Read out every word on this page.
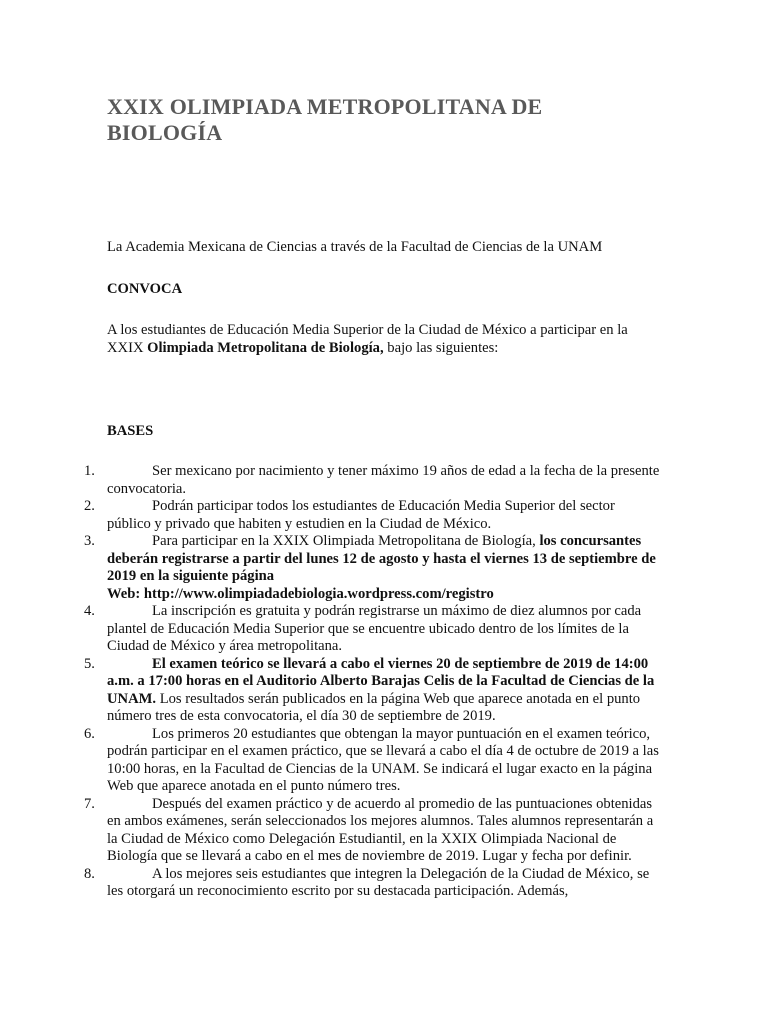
XXIX OLIMPIADA METROPOLITANA DE BIOLOGÍA

La Academia Mexicana de Ciencias a través de la Facultad de Ciencias de la UNAM

CONVOCA

A los estudiantes de Educación Media Superior de la Ciudad de México a participar en la XXIX Olimpiada Metropolitana de Biología, bajo las siguientes:

BASES

1.	Ser mexicano por nacimiento y tener máximo 19 años de edad a la fecha de la presente convocatoria.
2.	Podrán participar todos los estudiantes de Educación Media Superior del sector público y privado que habiten y estudien en la Ciudad de México.
3.	Para participar en la XXIX Olimpiada Metropolitana de Biología, los concursantes deberán registrarse a partir del lunes 12 de agosto y hasta el viernes 13 de septiembre de 2019 en la siguiente página
Web: http://www.olimpiadadebiologia.wordpress.com/registro
4.	La inscripción es gratuita y podrán registrarse un máximo de diez alumnos por cada plantel de Educación Media Superior que se encuentre ubicado dentro de los límites de la Ciudad de México y área metropolitana.
5.	El examen teórico se llevará a cabo el viernes 20 de septiembre de 2019 de 14:00 a.m. a 17:00 horas en el Auditorio Alberto Barajas Celis de la Facultad de Ciencias de la UNAM. Los resultados serán publicados en la página Web que aparece anotada en el punto número tres de esta convocatoria, el día 30 de septiembre de 2019.
6.	Los primeros 20 estudiantes que obtengan la mayor puntuación en el examen teórico, podrán participar en el examen práctico, que se llevará a cabo el día 4 de octubre de 2019 a las 10:00 horas, en la Facultad de Ciencias de la UNAM. Se indicará el lugar exacto en la página Web que aparece anotada en el punto número tres.
7.	Después del examen práctico y de acuerdo al promedio de las puntuaciones obtenidas en ambos exámenes, serán seleccionados los mejores alumnos. Tales alumnos representarán a la Ciudad de México como Delegación Estudiantil, en la XXIX Olimpiada Nacional de Biología que se llevará a cabo en el mes de noviembre de 2019. Lugar y fecha por definir.
8.	A los mejores seis estudiantes que integren la Delegación de la Ciudad de México, se les otorgará un reconocimiento escrito por su destacada participación. Además,
